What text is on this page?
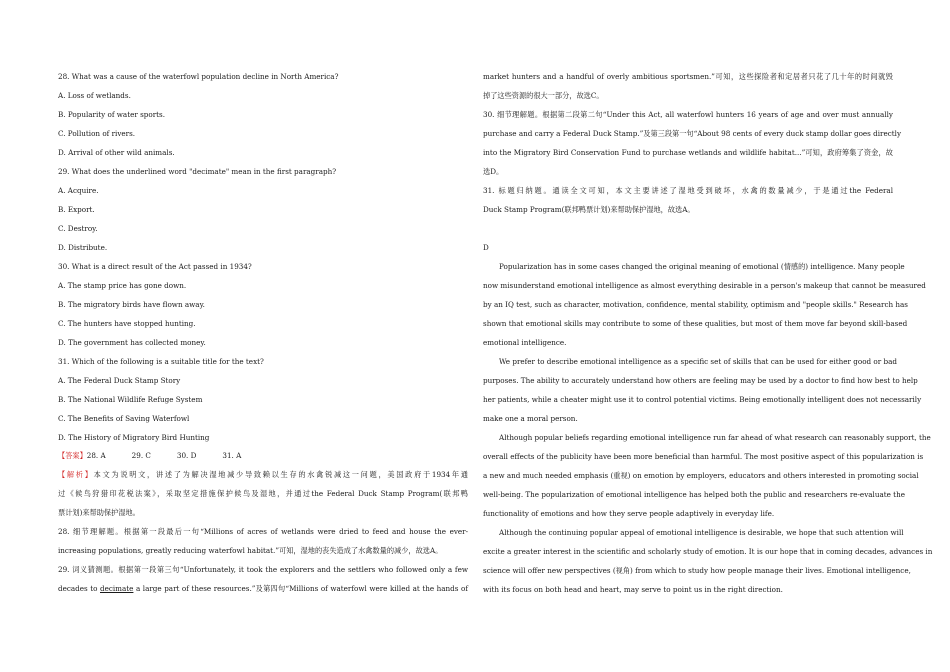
28. What was a cause of the waterfowl population decline in North America?
A. Loss of wetlands.
B. Popularity of water sports.
C. Pollution of rivers.
D. Arrival of other wild animals.
29. What does the underlined word "decimate" mean in the first paragraph?
A. Acquire.
B. Export.
C. Destroy.
D. Distribute.
30. What is a direct result of the Act passed in 1934?
A. The stamp price has gone down.
B. The migratory birds have flown away.
C. The hunters have stopped hunting.
D. The government has collected money.
31. Which of the following is a suitable title for the text?
A. The Federal Duck Stamp Story
B. The National Wildlife Refuge System
C. The Benefits of Saving Waterfowl
D. The History of Migratory Bird Hunting
【答案】28. A	29. C	30. D	31. A
【解析】本文为说明文，讲述了为解决湿地减少导致赖以生存的水禽锐减这一问题，美国政府于1934年通
过《候鸟狩猎印花税法案》，采取坚定措施保护候鸟及湿地，并通过the Federal Duck Stamp Program(联邦鸭
票计划)来帮助保护湿地。
28. 细节理解题。根据第一段最后一句“Millions of acres of wetlands were dried to feed and house the ever-
increasing populations, greatly reducing waterfowl habitat.”可知，湿地的丧失造成了水禽数量的减少，故选A。
29. 词义猜测题。根据第一段第三句“Unfortunately, it took the explorers and the settlers who followed only a few
decades to decimate a large part of these resources.”及第四句“Millions of waterfowl were killed at the hands of
market hunters and a handful of overly ambitious sportsmen.”可知，这些探险者和定居者只花了几十年的时间就毁
掉了这些资源的很大一部分，故选C。
30. 细节理解题。根据第二段第二句“Under this Act, all waterfowl hunters 16 years of age and over must annually
purchase and carry a Federal Duck Stamp.”及第三段第一句“About 98 cents of every duck stamp dollar goes directly
into the Migratory Bird Conservation Fund to purchase wetlands and wildlife habitat...”可知，政府筹集了资金，故
选D。
31. 标题归纳题。通读全文可知，本文主要讲述了湿地受到破坏，水禽的数量减少，于是通过the Federal
Duck Stamp Program(联邦鸭票计划)来帮助保护湿地，故选A。
D
Popularization has in some cases changed the original meaning of emotional (情感的) intelligence. Many people
now misunderstand emotional intelligence as almost everything desirable in a person's makeup that cannot be measured
by an IQ test, such as character, motivation, confidence, mental stability, optimism and "people skills." Research has
shown that emotional skills may contribute to some of these qualities, but most of them move far beyond skill-based
emotional intelligence.
We prefer to describe emotional intelligence as a specific set of skills that can be used for either good or bad
purposes. The ability to accurately understand how others are feeling may be used by a doctor to find how best to help
her patients, while a cheater might use it to control potential victims. Being emotionally intelligent does not necessarily
make one a moral person.
Although popular beliefs regarding emotional intelligence run far ahead of what research can reasonably support, the
overall effects of the publicity have been more beneficial than harmful. The most positive aspect of this popularization is
a new and much needed emphasis (重视) on emotion by employers, educators and others interested in promoting social
well-being. The popularization of emotional intelligence has helped both the public and researchers re-evaluate the
functionality of emotions and how they serve people adaptively in everyday life.
Although the continuing popular appeal of emotional intelligence is desirable, we hope that such attention will
excite a greater interest in the scientific and scholarly study of emotion. It is our hope that in coming decades, advances in
science will offer new perspectives (视角) from which to study how people manage their lives. Emotional intelligence,
with its focus on both head and heart, may serve to point us in the right direction.
